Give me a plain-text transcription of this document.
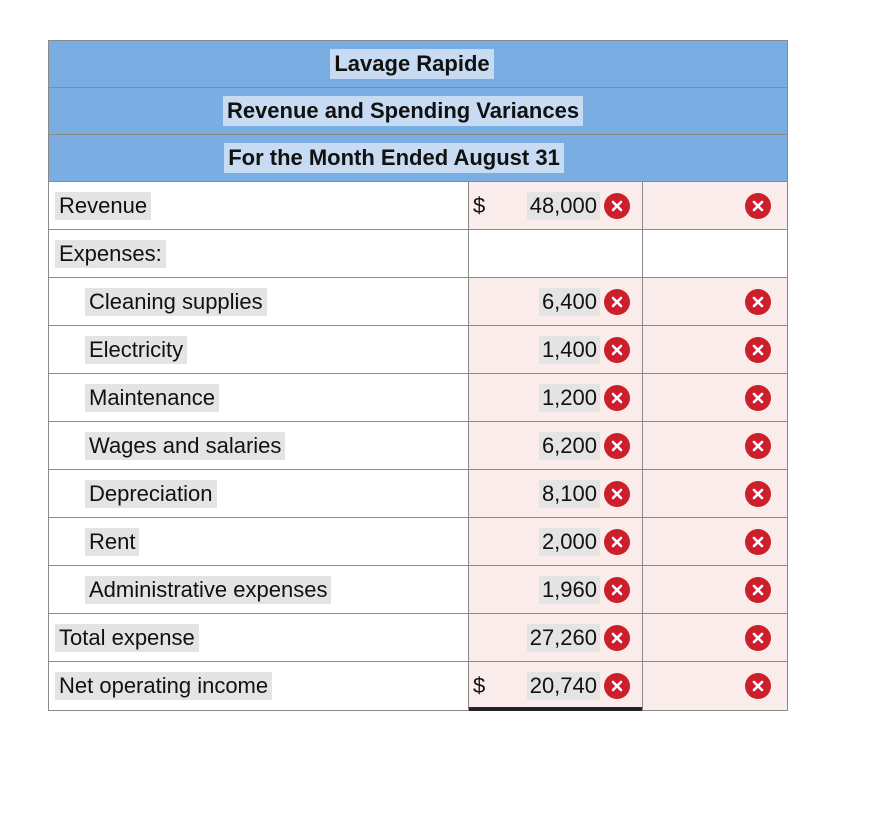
Lavage Rapide
Revenue and Spending Variances
For the Month Ended August 31
Revenue	$ 48,000
Expenses:
Cleaning supplies	6,400
Electricity	1,400
Maintenance	1,200
Wages and salaries	6,200
Depreciation	8,100
Rent	2,000
Administrative expenses	1,960
Total expense	27,260
Net operating income	$ 20,740
